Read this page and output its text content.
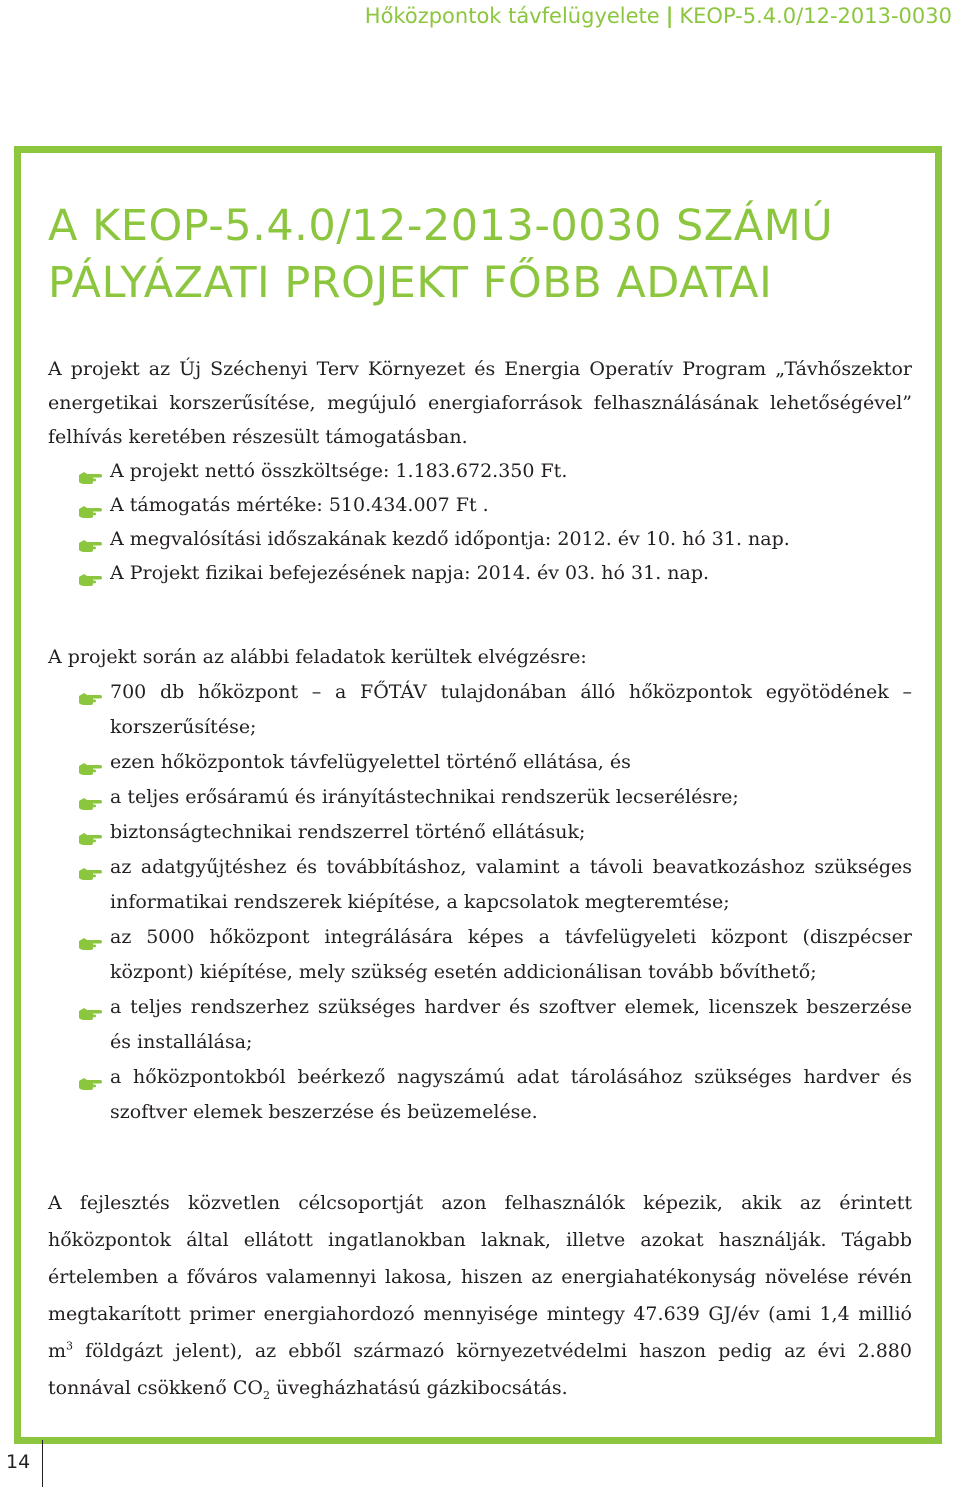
Hőközpontok távfelügyelete | KEOP-5.4.0/12-2013-0030
A KEOP-5.4.0/12-2013-0030 SZÁMÚ
PÁLYÁZATI PROJEKT FŐBB ADATAI

A projekt az Új Széchenyi Terv Környezet és Energia Operatív Program „Távhőszektor energetikai korszerűsítése, megújuló energiaforrások felhasználásának lehetőségével” felhívás keretében részesült támogatásban.

A projekt nettó összköltsége: 1.183.672.350 Ft.
A támogatás mértéke: 510.434.007 Ft .
A megvalósítási időszakának kezdő időpontja: 2012. év 10. hó 31. nap.
A Projekt fizikai befejezésének napja: 2014. év 03. hó 31. nap.

A projekt során az alábbi feladatok kerültek elvégzésre:

700 db hőközpont – a FŐTÁV tulajdonában álló hőközpontok egyötödének – korszerűsítése;
ezen hőközpontok távfelügyelettel történő ellátása, és
a teljes erősáramú és irányítástechnikai rendszerük lecserélésre;
biztonságtechnikai rendszerrel történő ellátásuk;
az adatgyűjtéshez és továbbításhoz, valamint a távoli beavatkozáshoz szükséges informatikai rendszerek kiépítése, a kapcsolatok megteremtése;
az 5000 hőközpont integrálására képes a távfelügyeleti központ (diszpécser központ) kiépítése, mely szükség esetén addicionálisan tovább bővíthető;
a teljes rendszerhez szükséges hardver és szoftver elemek, licenszek beszerzése és installálása;
a hőközpontokból beérkező nagyszámú adat tárolásához szükséges hardver és szoftver elemek beszerzése és beüzemelése.

A fejlesztés közvetlen célcsoportját azon felhasználók képezik, akik az érintett hőközpontok által ellátott ingatlanokban laknak, illetve azokat használják. Tágabb értelemben a főváros valamennyi lakosa, hiszen az energiahatékonyság növelése révén megtakarított primer energiahordozó mennyisége mintegy 47.639 GJ/év (ami 1,4 millió $m^3$ földgázt jelent), az ebből származó környezetvédelmi haszon pedig az évi 2.880 tonnával csökkenő $CO_2$ üvegházhatású gázkibocsátás.

14
